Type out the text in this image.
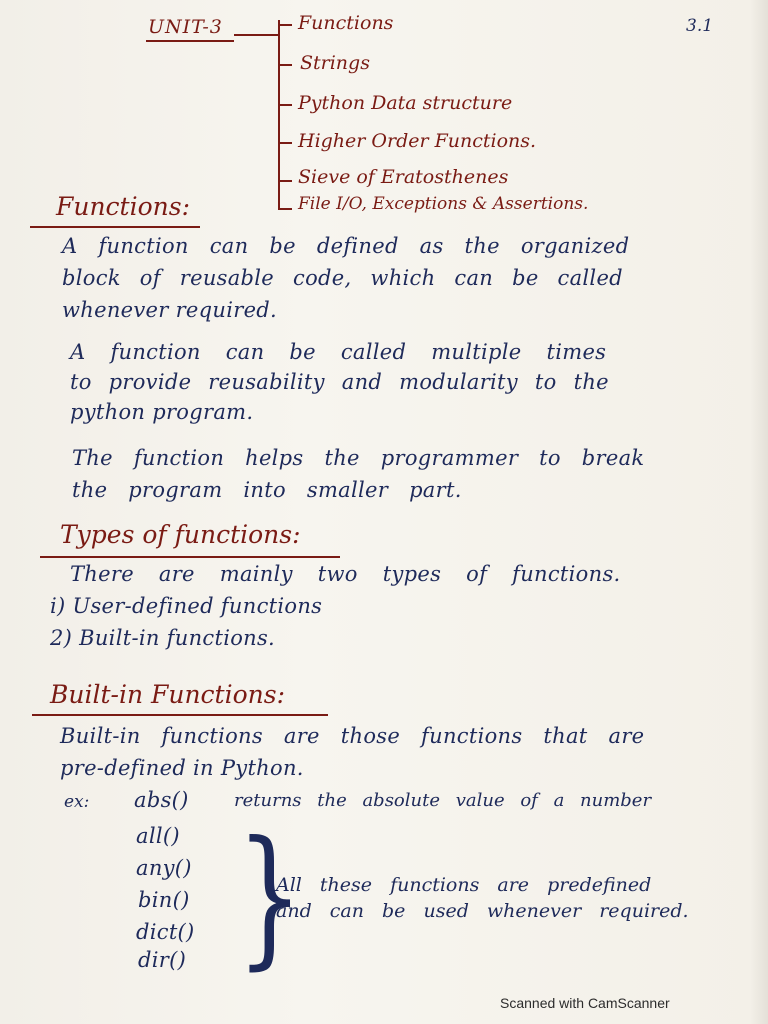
UNIT-3	3.1
Functions
Strings
Python Data structure
Higher Order Functions.
Sieve of Eratosthenes
File I/O, Exceptions & Assertions.
Functions:
A function can be defined as the organized
block of reusable code, which can be called
whenever required.
A function can be called multiple times
to provide reusability and modularity to the
python program.
The function helps the programmer to break
the program into smaller part.
Types of functions:
There are mainly two types of functions.
i) User-defined functions
2) Built-in functions.
Built-in Functions:
Built-in functions are those functions that are
pre-defined in Python.
ex: abs()	returns the absolute value of a number
all()
any()
bin()
dict()
dir() }
All these functions are predefined
and can be used whenever required.
Scanned with CamScanner
